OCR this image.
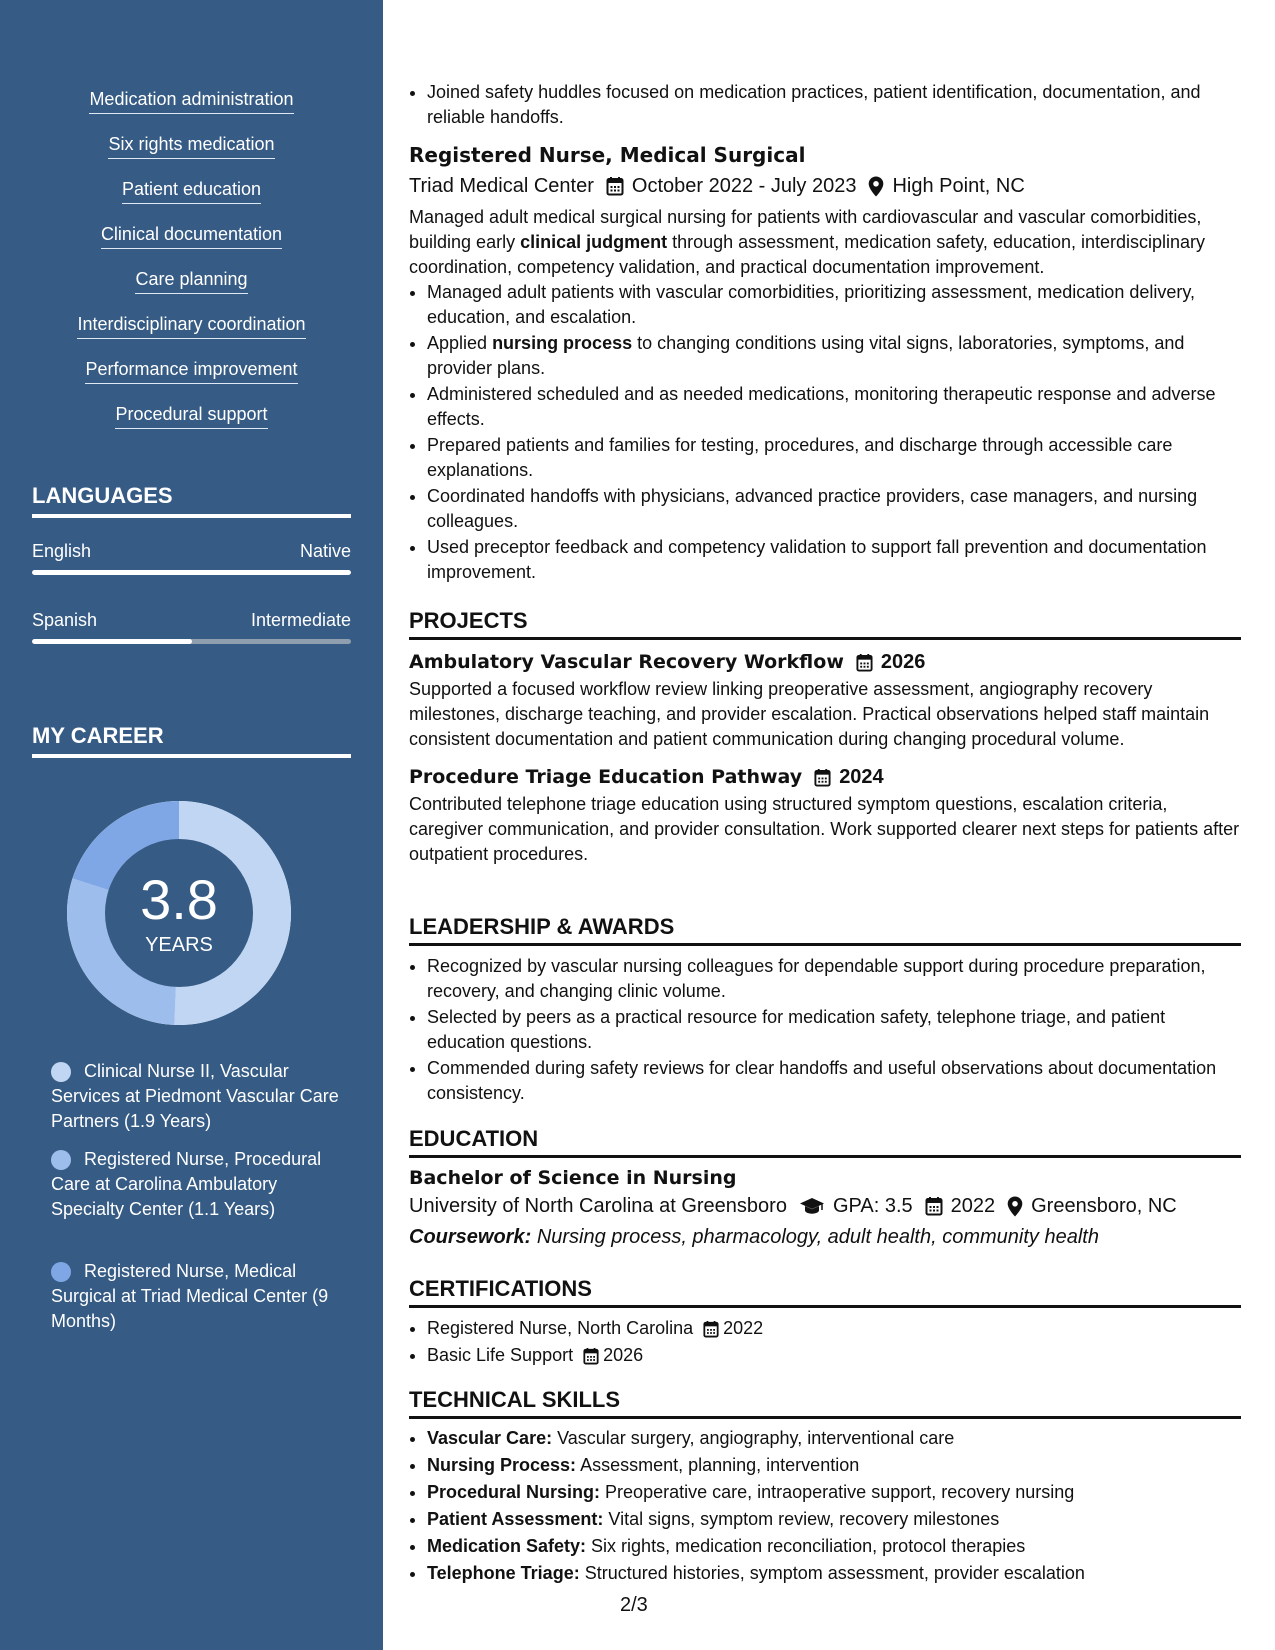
Medication administration
Six rights medication
Patient education
Clinical documentation
Care planning
Interdisciplinary coordination
Performance improvement
Procedural support
LANGUAGES
English	Native
Spanish	Intermediate
MY CAREER
3.8
YEARS
Clinical Nurse II, Vascular Services at Piedmont Vascular Care Partners (1.9 Years)
Registered Nurse, Procedural Care at Carolina Ambulatory Specialty Center (1.1 Years)
Registered Nurse, Medical Surgical at Triad Medical Center (9 Months)
• Joined safety huddles focused on medication practices, patient identification, documentation, and reliable handoffs.
Registered Nurse, Medical Surgical
Triad Medical Center October 2022 - July 2023 High Point, NC

Managed adult medical surgical nursing for patients with cardiovascular and vascular comorbidities, building early clinical judgment through assessment, medication safety, education, interdisciplinary coordination, competency validation, and practical documentation improvement.

• Managed adult patients with vascular comorbidities, prioritizing assessment, medication delivery, education, and escalation.
• Applied nursing process to changing conditions using vital signs, laboratories, symptoms, and provider plans.
• Administered scheduled and as needed medications, monitoring therapeutic response and adverse effects.
• Prepared patients and families for testing, procedures, and discharge through accessible care explanations.
• Coordinated handoffs with physicians, advanced practice providers, case managers, and nursing colleagues.
• Used preceptor feedback and competency validation to support fall prevention and documentation improvement.
PROJECTS
Ambulatory Vascular Recovery Workflow 2026

Supported a focused workflow review linking preoperative assessment, angiography recovery milestones, discharge teaching, and provider escalation. Practical observations helped staff maintain consistent documentation and patient communication during changing procedural volume.

Procedure Triage Education Pathway 2024

Contributed telephone triage education using structured symptom questions, escalation criteria, caregiver communication, and provider consultation. Work supported clearer next steps for patients after outpatient procedures.

LEADERSHIP & AWARDS
• Recognized by vascular nursing colleagues for dependable support during procedure preparation, recovery, and changing clinic volume.
• Selected by peers as a practical resource for medication safety, telephone triage, and patient education questions.
• Commended during safety reviews for clear handoffs and useful observations about documentation consistency.
EDUCATION
Bachelor of Science in Nursing
University of North Carolina at Greensboro GPA: 3.5 2022 Greensboro, NC
Coursework: Nursing process, pharmacology, adult health, community health
CERTIFICATIONS
• Registered Nurse, North Carolina 2022
• Basic Life Support 2026
TECHNICAL SKILLS
• Vascular Care: Vascular surgery, angiography, interventional care
• Nursing Process: Assessment, planning, intervention
• Procedural Nursing: Preoperative care, intraoperative support, recovery nursing
• Patient Assessment: Vital signs, symptom review, recovery milestones
• Medication Safety: Six rights, medication reconciliation, protocol therapies
• Telephone Triage: Structured histories, symptom assessment, provider escalation
2/3
